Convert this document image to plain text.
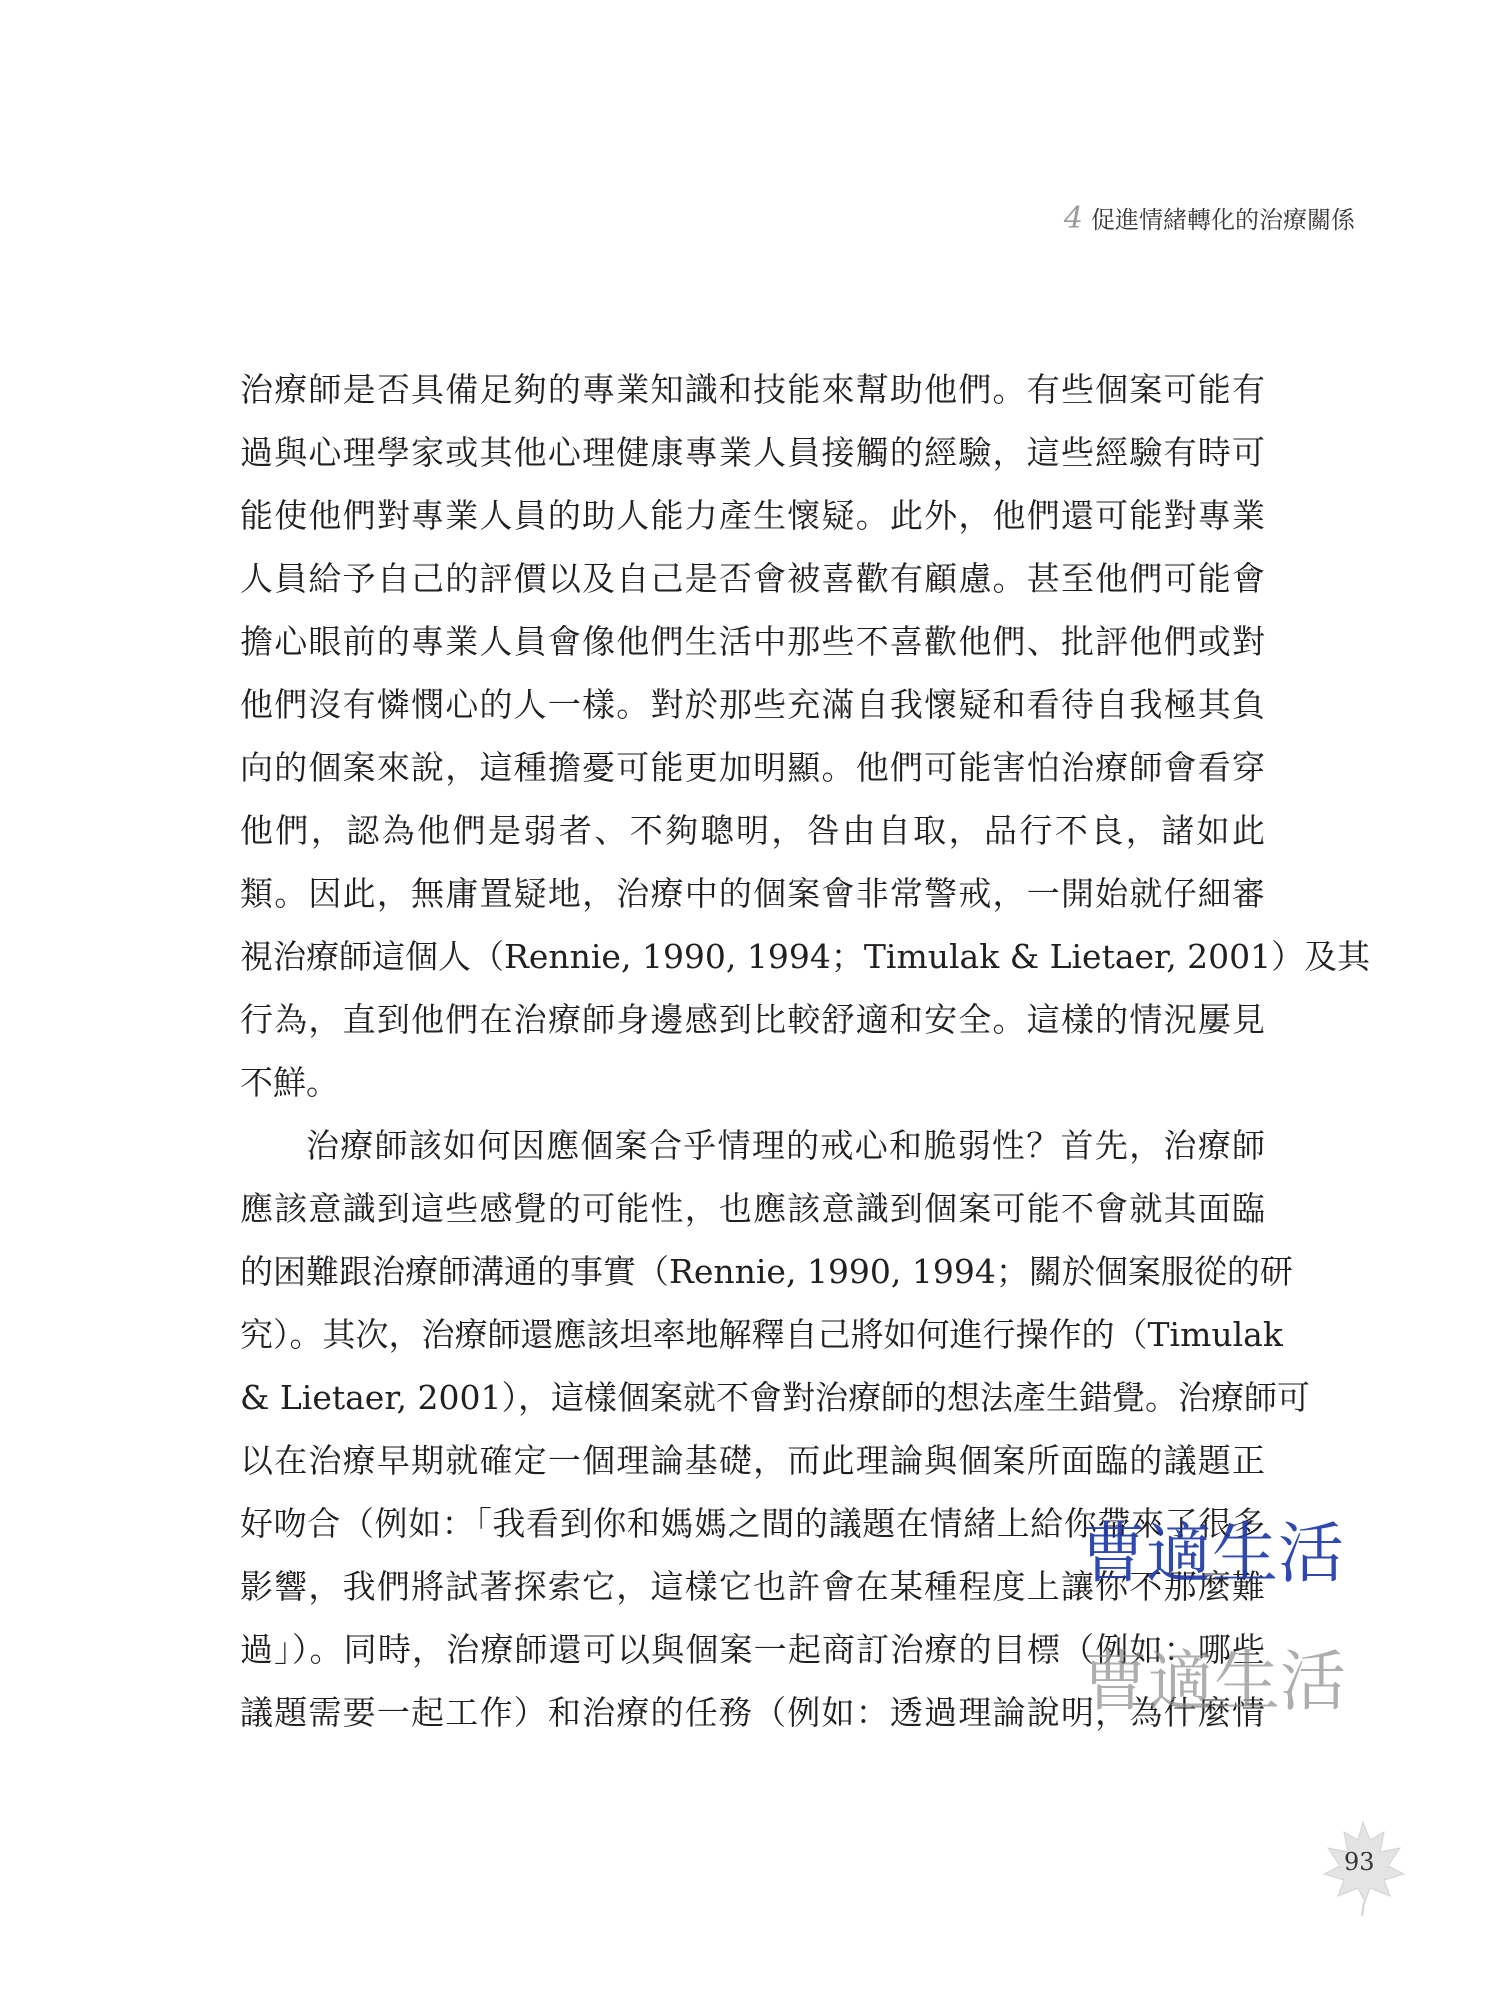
4 促進情緒轉化的治療關係
治療師是否具備足夠的專業知識和技能來幫助他們。有些個案可能有
過與心理學家或其他心理健康專業人員接觸的經驗，這些經驗有時可
能使他們對專業人員的助人能力產生懷疑。此外，他們還可能對專業
人員給予自己的評價以及自己是否會被喜歡有顧慮。甚至他們可能會
擔心眼前的專業人員會像他們生活中那些不喜歡他們、批評他們或對
他們沒有憐憫心的人一樣。對於那些充滿自我懷疑和看待自我極其負
向的個案來說，這種擔憂可能更加明顯。他們可能害怕治療師會看穿
他們，認為他們是弱者、不夠聰明，咎由自取，品行不良，諸如此
類。因此，無庸置疑地，治療中的個案會非常警戒，一開始就仔細審
視治療師這個人（Rennie, 1990, 1994；Timulak & Lietaer, 2001）及其
行為，直到他們在治療師身邊感到比較舒適和安全。這樣的情況屢見
不鮮。
治療師該如何因應個案合乎情理的戒心和脆弱性？首先，治療師
應該意識到這些感覺的可能性，也應該意識到個案可能不會就其面臨
的困難跟治療師溝通的事實（Rennie, 1990, 1994；關於個案服從的研
究）。其次，治療師還應該坦率地解釋自己將如何進行操作的（Timulak
& Lietaer, 2001），這樣個案就不會對治療師的想法產生錯覺。治療師可
以在治療早期就確定一個理論基礎，而此理論與個案所面臨的議題正
好吻合（例如：「我看到你和媽媽之間的議題在情緒上給你帶來了很多
影響，我們將試著探索它，這樣它也許會在某種程度上讓你不那麼難
過」）。同時，治療師還可以與個案一起商訂治療的目標（例如：哪些
議題需要一起工作）和治療的任務（例如：透過理論說明，為什麼情
曹適生活
曹適生活
93
